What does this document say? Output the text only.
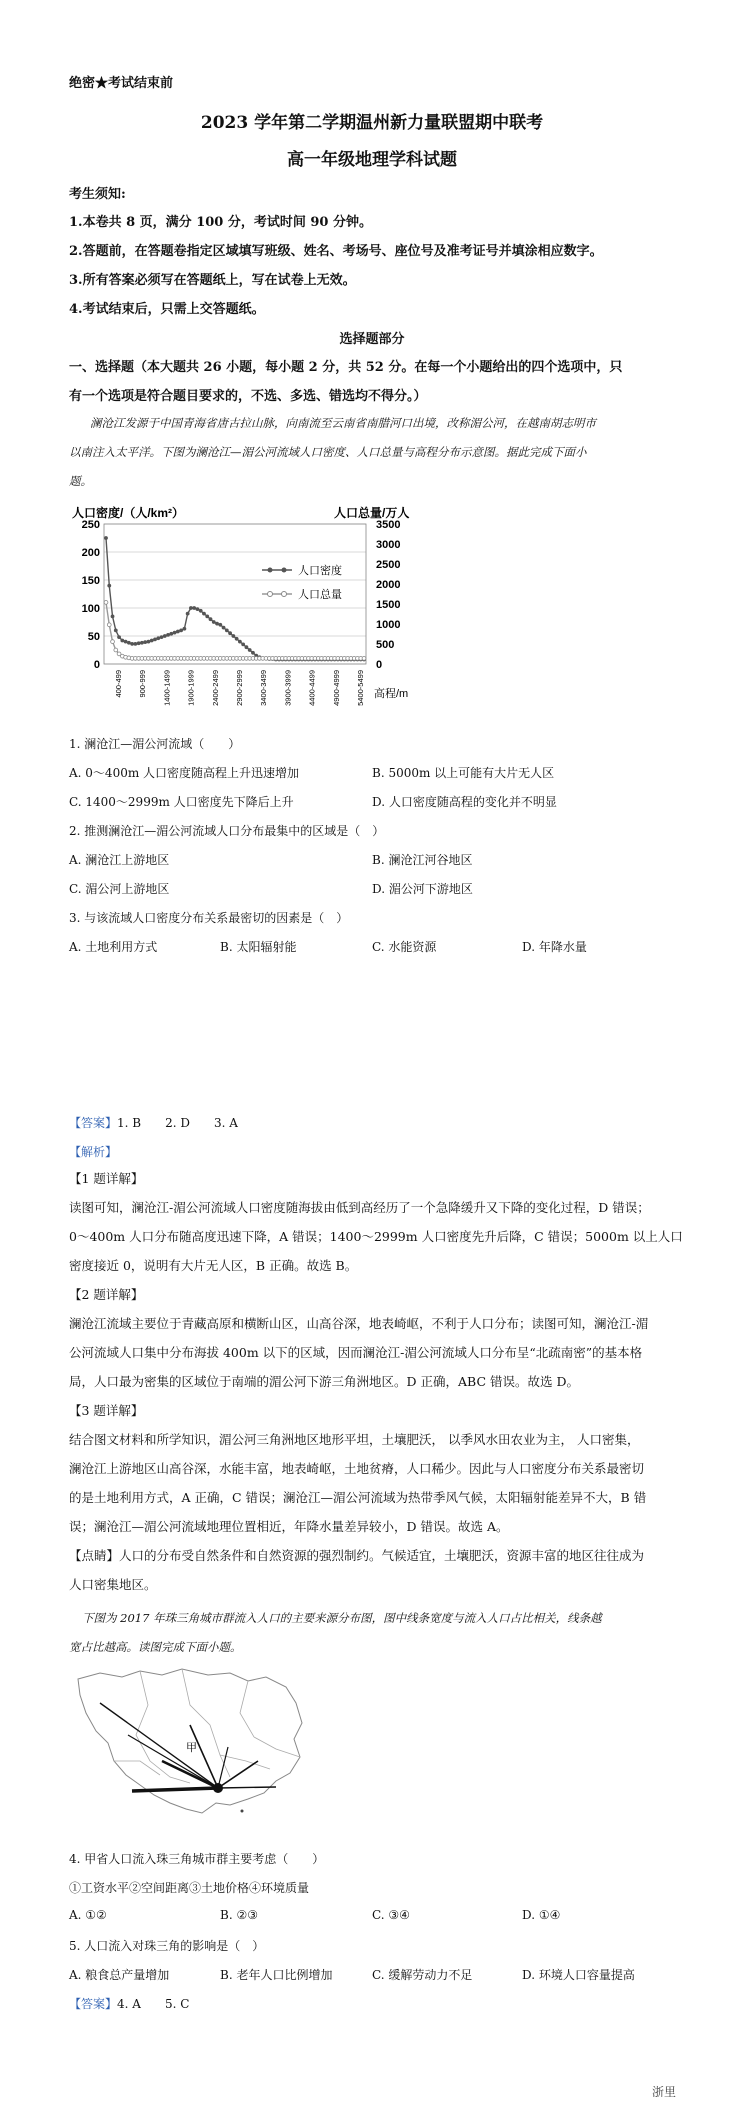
绝密★考试结束前
2023 学年第二学期温州新力量联盟期中联考
高一年级地理学科试题
考生须知:
1.本卷共 8 页，满分 100 分，考试时间 90 分钟。
2.答题前，在答题卷指定区域填写班级、姓名、考场号、座位号及准考证号并填涂相应数字。
3.所有答案必须写在答题纸上，写在试卷上无效。
4.考试结束后，只需上交答题纸。
选择题部分
一、选择题（本大题共 26 小题，每小题 2 分，共 52 分。在每一个小题给出的四个选项中，只
有一个选项是符合题目要求的，不选、多选、错选均不得分。）
澜沧江发源于中国青海省唐古拉山脉，向南流至云南省南腊河口出境，改称湄公河，在越南胡志明市
以南注入太平洋。下图为澜沧江—湄公河流域人口密度、人口总量与高程分布示意图。据此完成下面小
题。
人口密度/（人/km²）	人口总量/万人
250
200
150
100
50
0
3500
3000
2500
2000
1500
1000
500
0
400-499 900-999 1400-1499 1900-1999 2400-2499 2900-2999 3400-3499 3900-3999 4400-4499 4900-4999 5400-5499
人口密度
人口总量
高程/m
1. 澜沧江—湄公河流域（　　）
A. 0～400m 人口密度随高程上升迅速增加	B. 5000m 以上可能有大片无人区
C. 1400～2999m 人口密度先下降后上升	D. 人口密度随高程的变化并不明显
2. 推测澜沧江—湄公河流域人口分布最集中的区域是（　）
A. 澜沧江上游地区	B. 澜沧江河谷地区
C. 湄公河上游地区	D. 湄公河下游地区
3. 与该流域人口密度分布关系最密切的因素是（　）
A. 土地利用方式	B. 太阳辐射能	C. 水能资源	D. 年降水量
【答案】1. B　　2. D　　3. A
【解析】
【1 题详解】
读图可知，澜沧江-湄公河流域人口密度随海拔由低到高经历了一个急降缓升又下降的变化过程，D 错误；
0～400m 人口分布随高度迅速下降，A 错误；1400～2999m 人口密度先升后降，C 错误；5000m 以上人口
密度接近 0，说明有大片无人区，B 正确。故选 B。
【2 题详解】
澜沧江流域主要位于青藏高原和横断山区，山高谷深，地表崎岖，不利于人口分布；读图可知，澜沧江-湄
公河流域人口集中分布海拔 400m 以下的区域，因而澜沧江-湄公河流域人口分布呈“北疏南密”的基本格
局，人口最为密集的区域位于南端的湄公河下游三角洲地区。D 正确，ABC 错误。故选 D。
【3 题详解】
结合图文材料和所学知识，湄公河三角洲地区地形平坦，土壤肥沃， 以季风水田农业为主， 人口密集，
澜沧江上游地区山高谷深，水能丰富，地表崎岖，土地贫瘠，人口稀少。因此与人口密度分布关系最密切
的是土地利用方式，A 正确，C 错误；澜沧江—湄公河流域为热带季风气候，太阳辐射能差异不大，B 错
误；澜沧江—湄公河流域地理位置相近，年降水量差异较小，D 错误。故选 A。
【点睛】人口的分布受自然条件和自然资源的强烈制约。气候适宜，土壤肥沃，资源丰富的地区往往成为
人口密集地区。
下图为 2017 年珠三角城市群流入人口的主要来源分布图，图中线条宽度与流入人口占比相关，线条越
宽占比越高。读图完成下面小题。
甲
4. 甲省人口流入珠三角城市群主要考虑（　　）
①工资水平②空间距离③土地价格④环境质量
A. ①②	B. ②③	C. ③④	D. ①④
5. 人口流入对珠三角的影响是（　）
A. 粮食总产量增加	B. 老年人口比例增加	C. 缓解劳动力不足	D. 环境人口容量提高
【答案】4. A　　5. C
浙里
